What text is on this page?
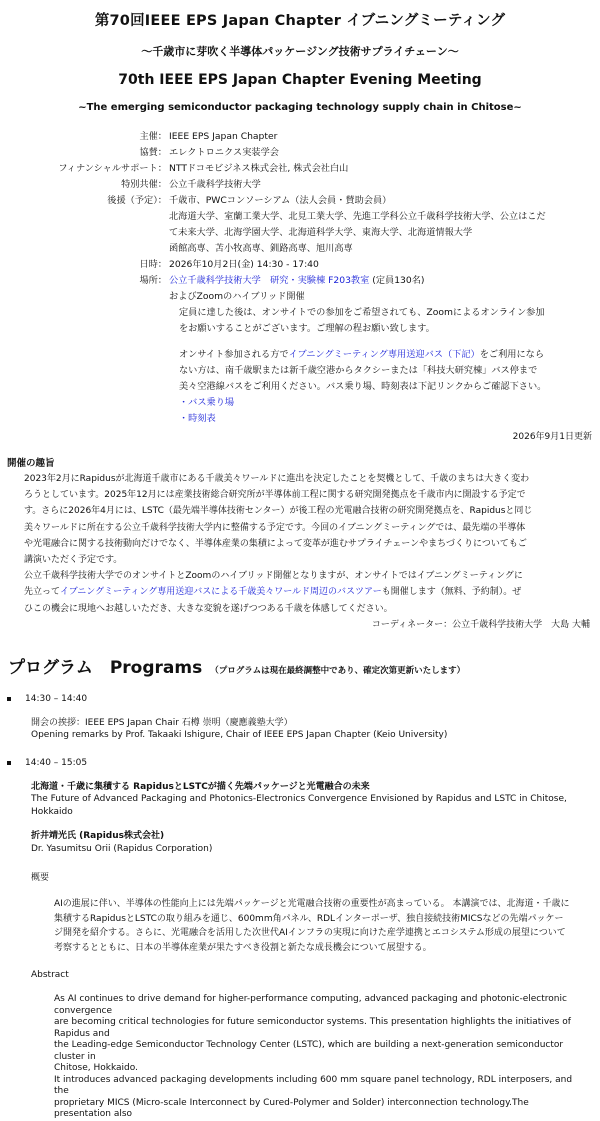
第70回IEEE EPS Japan Chapter イブニングミーティング
〜千歳市に芽吹く半導体パッケージング技術サプライチェーン〜
70th IEEE EPS Japan Chapter Evening Meeting
~The emerging semiconductor packaging technology supply chain in Chitose~
主催： IEEE EPS Japan Chapter
協賛： エレクトロニクス実装学会
フィナンシャルサポート： NTTドコモビジネス株式会社, 株式会社白山
特別共催： 公立千歳科学技術大学
後援（予定）： 千歳市、PWCコンソーシアム（法人会員・賛助会員）
北海道大学、室蘭工業大学、北見工業大学、先進工学科公立千歳科学技術大学、公立はこだ
て未来大学、北海学園大学、北海道科学大学、東海大学、北海道情報大学
函館高専、苫小牧高専、釧路高専、旭川高専
日時： 2026年10月2日(金) 14:30 - 17:40
場所： 公立千歳科学技術大学　研究・実験棟 F203教室 (定員130名)
およびZoomのハイブリッド開催
定員に達した後は、オンサイトでの参加をご希望されても、Zoomによるオンライン参加
をお願いすることがございます。ご理解の程お願い致します。
オンサイト参加される方でイブニングミーティング専用送迎バス（下記）をご利用になら
ない方は、南千歳駅または新千歳空港からタクシーまたは「科技大研究棟」バス停まで
美々空港線バスをご利用ください。バス乗り場、時刻表は下記リンクからご確認下さい。
・バス乗り場
・時刻表
2026年9月1日更新
開催の趣旨
2023年2月にRapidusが北海道千歳市にある千歳美々ワールドに進出を決定したことを契機として、千歳のまちは大きく変わ
ろうとしています。2025年12月には産業技術総合研究所が半導体前工程に関する研究開発拠点を千歳市内に開設する予定で
す。さらに2026年4月には、LSTC（最先端半導体技術センター）が後工程の光電融合技術の研究開発拠点を、Rapidusと同じ
美々ワールドに所在する公立千歳科学技術大学内に整備する予定です。今回のイブニングミーティングでは、最先端の半導体
や光電融合に関する技術動向だけでなく、半導体産業の集積によって変革が進むサプライチェーンやまちづくりについてもご
講演いただく予定です。
公立千歳科学技術大学でのオンサイトとZoomのハイブリッド開催となりますが、オンサイトではイブニングミーティングに
先立ってイブニングミーティング専用送迎バスによる千歳美々ワールド周辺のバスツアーも開催します（無料、予約制）。ぜ
ひこの機会に現地へお越しいただき、大きな変貌を遂げつつある千歳を体感してください。
コーディネーター：公立千歳科学技術大学　大島 大輔
プログラム　Programs （プログラムは現在最終調整中であり、確定次第更新いたします）
14:30 – 14:40
開会の挨拶：IEEE EPS Japan Chair 石樽 崇明（慶應義塾大学）
Opening remarks by Prof. Takaaki Ishigure, Chair of IEEE EPS Japan Chapter (Keio University)
14:40 – 15:05
北海道・千歳に集積する RapidusとLSTCが描く先端パッケージと光電融合の未来
The Future of Advanced Packaging and Photonics-Electronics Convergence Envisioned by Rapidus and LSTC in Chitose, Hokkaido
折井靖光氏 (Rapidus株式会社)
Dr. Yasumitsu Orii (Rapidus Corporation)
概要
AIの進展に伴い、半導体の性能向上には先端パッケージと光電融合技術の重要性が高まっている。 本講演では、北海道・千歳に
集積するRapidusとLSTCの取り組みを通じ、600mm角パネル、RDLインターポーザ、独自接続技術MICSなどの先端パッケー
ジ開発を紹介する。さらに、光電融合を活用した次世代AIインフラの実現に向けた産学連携とエコシステム形成の展望について
考察するとともに、日本の半導体産業が果たすべき役割と新たな成長機会について展望する。
Abstract
As AI continues to drive demand for higher-performance computing, advanced packaging and photonic-electronic convergence
are becoming critical technologies for future semiconductor systems. This presentation highlights the initiatives of Rapidus and
the Leading-edge Semiconductor Technology Center (LSTC), which are building a next-generation semiconductor cluster in
Chitose, Hokkaido.
It introduces advanced packaging developments including 600 mm square panel technology, RDL interposers, and the
proprietary MICS (Micro-scale Interconnect by Cured-Polymer and Solder) interconnection technology.The presentation also
